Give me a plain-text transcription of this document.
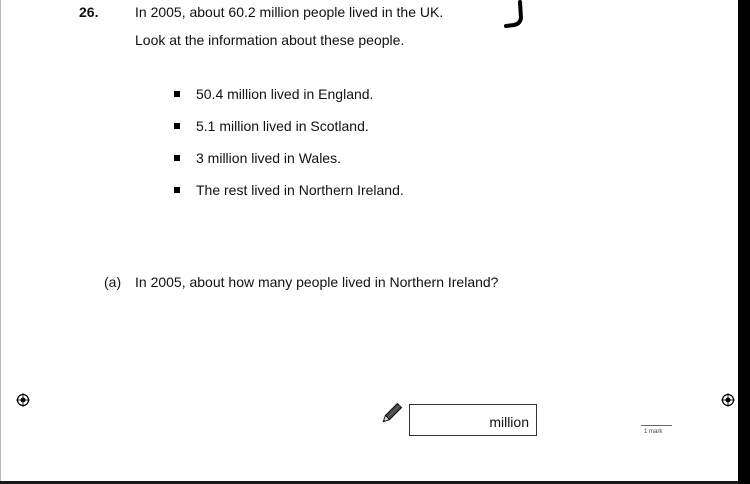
26.	In 2005, about 60.2 million people lived in the UK.
Look at the information about these people.
50.4 million lived in England.
5.1 million lived in Scotland.
3 million lived in Wales.
The rest lived in Northern Ireland.
(a) In 2005, about how many people lived in Northern Ireland?
million
1 mark
